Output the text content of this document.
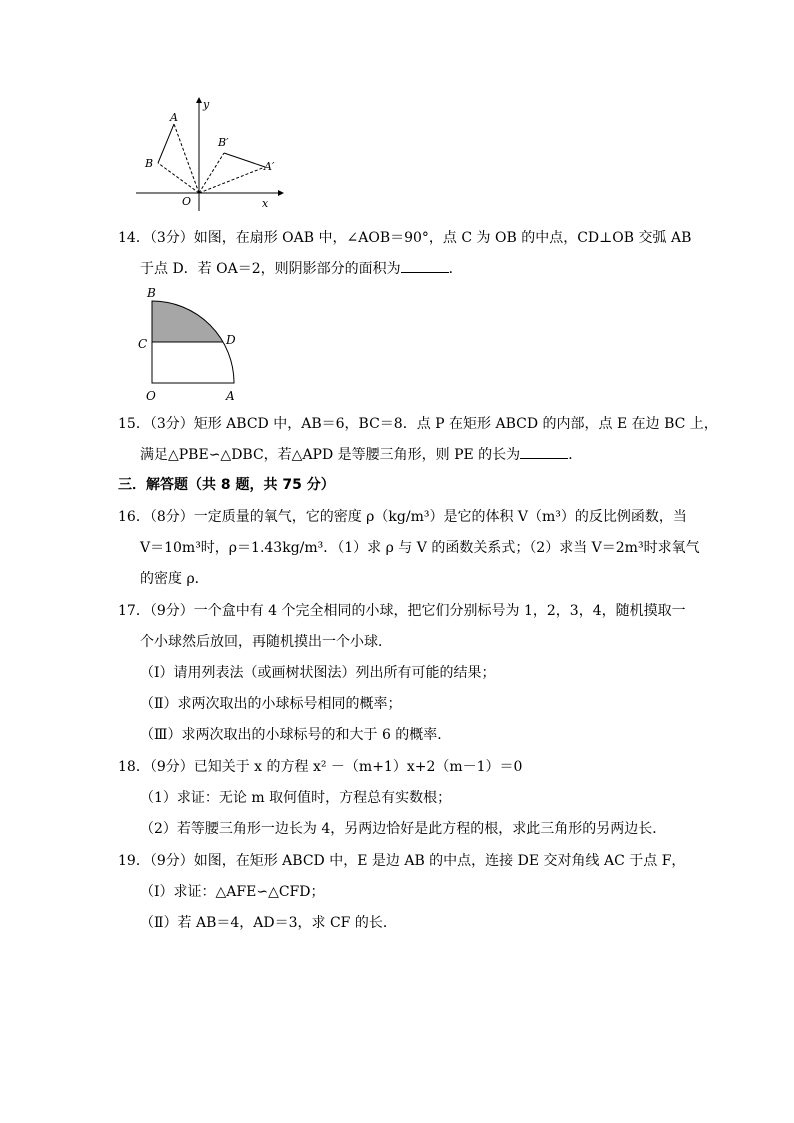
A
B
B′
A′
O	x
y
14．（3分）如图，在扇形 OAB 中，∠AOB＝90°，点 C 为 OB 的中点，CD⊥OB 交弧 AB
于点 D．若 OA＝2，则阴影部分的面积为	．
B
C	D
O	A
15．（3分）矩形 ABCD 中，AB＝6，BC＝8．点 P 在矩形 ABCD 的内部，点 E 在边 BC 上，
满足△PBE∽△DBC，若△APD 是等腰三角形，则 PE 的长为	．
三．解答题（共 8 题，共 75 分）
16．（8分）一定质量的氧气，它的密度 ρ（kg/m³）是它的体积 V（m³）的反比例函数，当
V＝10m³时，ρ＝1.43kg/m³．（1）求 ρ 与 V 的函数关系式；（2）求当 V＝2m³时求氧气
的密度 ρ．
17．（9分）一个盒中有 4 个完全相同的小球，把它们分别标号为 1，2，3，4，随机摸取一
个小球然后放回，再随机摸出一个小球．
（Ⅰ）请用列表法（或画树状图法）列出所有可能的结果；
（Ⅱ）求两次取出的小球标号相同的概率；
（Ⅲ）求两次取出的小球标号的和大于 6 的概率．
18．（9分）已知关于 x 的方程 x² －（m+1）x+2（m－1）＝0
（1）求证：无论 m 取何值时，方程总有实数根；
（2）若等腰三角形一边长为 4，另两边恰好是此方程的根，求此三角形的另两边长．
19．（9分）如图，在矩形 ABCD 中，E 是边 AB 的中点，连接 DE 交对角线 AC 于点 F，
（Ⅰ）求证：△AFE∽△CFD；
（Ⅱ）若 AB＝4，AD＝3，求 CF 的长．
